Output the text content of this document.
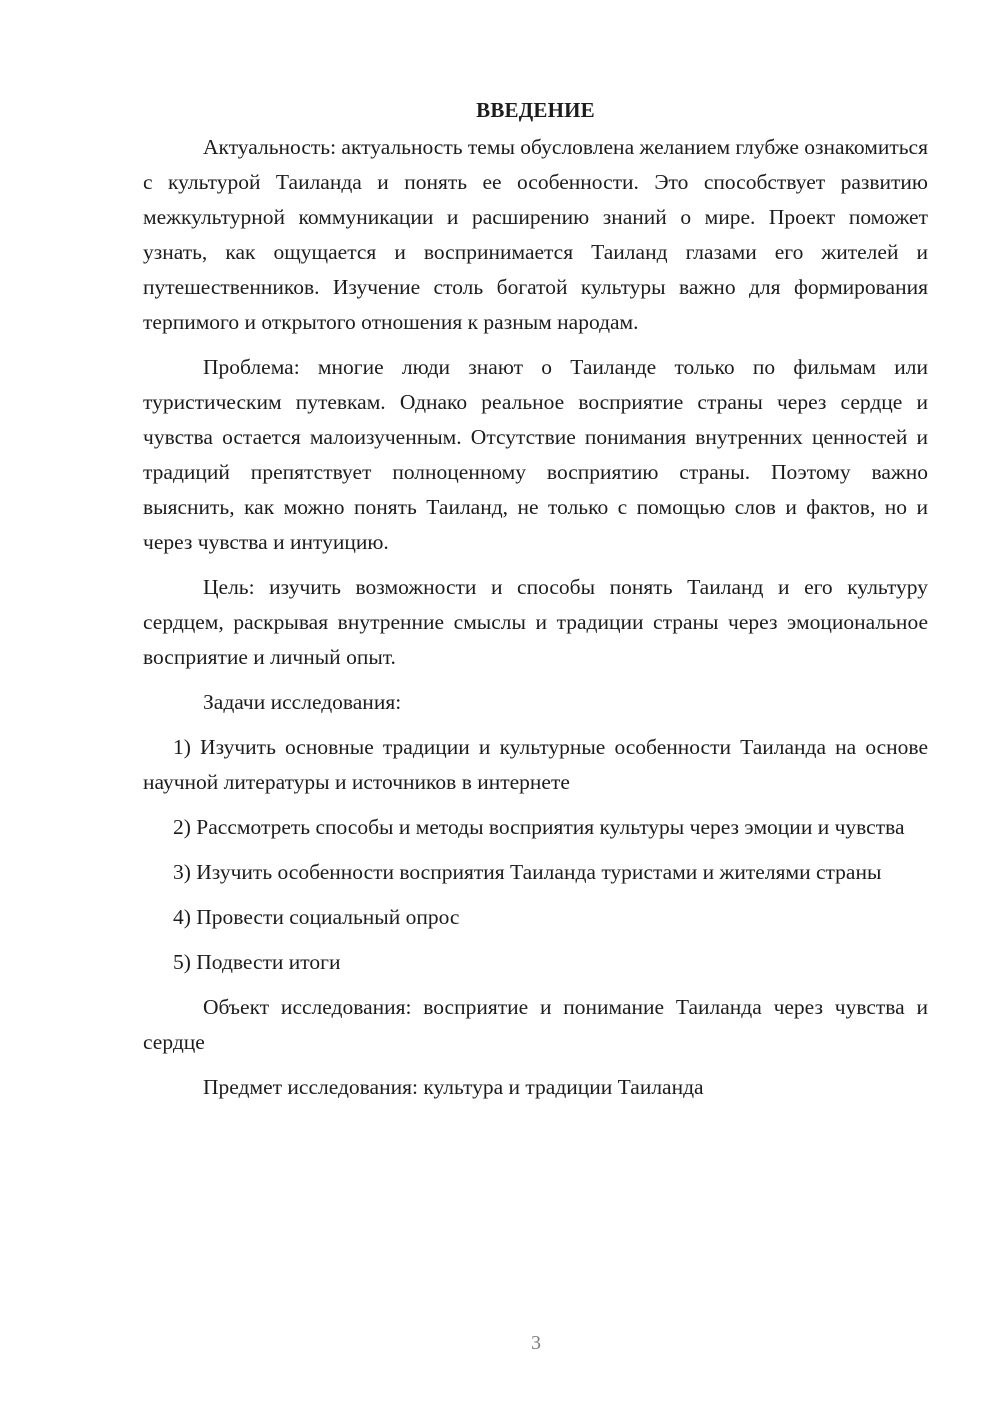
ВВЕДЕНИЕ

Актуальность: актуальность темы обусловлена желанием глубже ознакомиться с культурой Таиланда и понять ее особенности. Это способствует развитию межкультурной коммуникации и расширению знаний о мире. Проект поможет узнать, как ощущается и воспринимается Таиланд глазами его жителей и путешественников. Изучение столь богатой культуры важно для формирования терпимого и открытого отношения к разным народам.

Проблема: многие люди знают о Таиланде только по фильмам или туристическим путевкам. Однако реальное восприятие страны через сердце и чувства остается малоизученным. Отсутствие понимания внутренних ценностей и традиций препятствует полноценному восприятию страны. Поэтому важно выяснить, как можно понять Таиланд, не только с помощью слов и фактов, но и через чувства и интуицию.

Цель: изучить возможности и способы понять Таиланд и его культуру сердцем, раскрывая внутренние смыслы и традиции страны через эмоциональное восприятие и личный опыт.

Задачи исследования:

1) Изучить основные традиции и культурные особенности Таиланда на основе научной литературы и источников в интернете

2) Рассмотреть способы и методы восприятия культуры через эмоции и чувства

3) Изучить особенности восприятия Таиланда туристами и жителями страны

4) Провести социальный опрос

5) Подвести итоги

Объект исследования: восприятие и понимание Таиланда через чувства и сердце

Предмет исследования: культура и традиции Таиланда

3
